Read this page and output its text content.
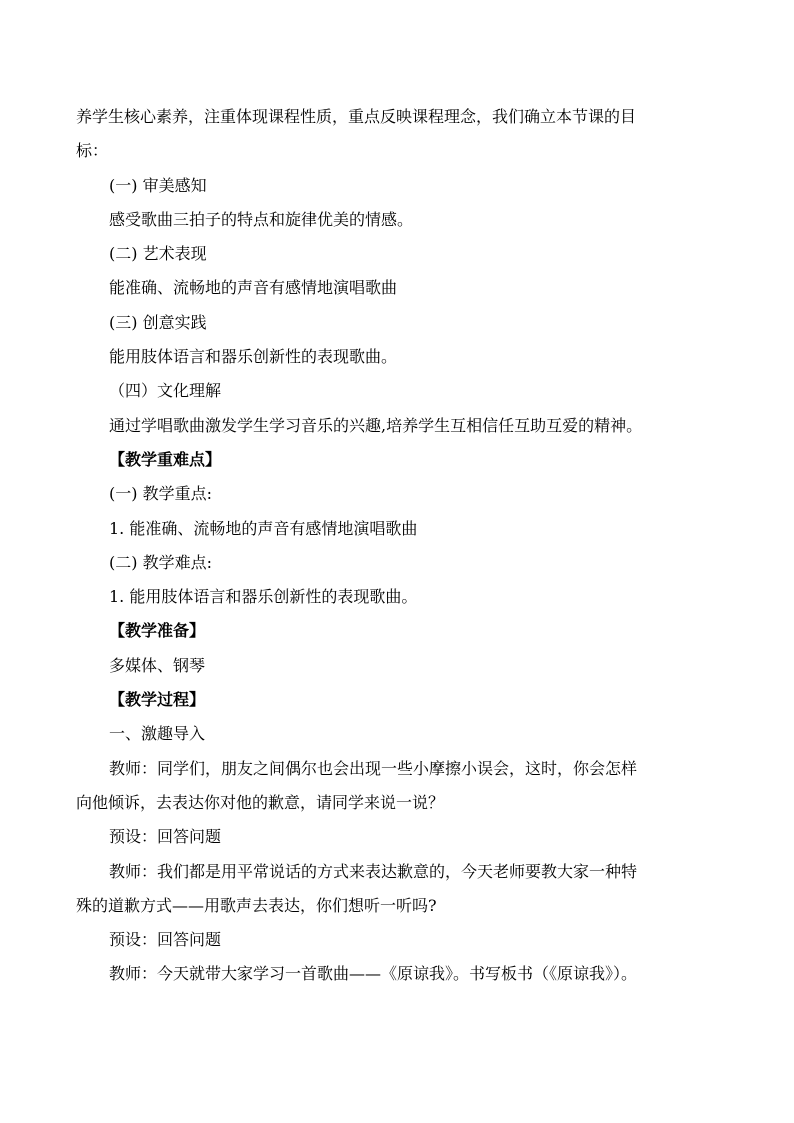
养学生核心素养，注重体现课程性质，重点反映课程理念，我们确立本节课的目
标：
(一) 审美感知
感受歌曲三拍子的特点和旋律优美的情感。
(二) 艺术表现
能准确、流畅地的声音有感情地演唱歌曲
(三) 创意实践
能用肢体语言和器乐创新性的表现歌曲。
（四）文化理解
通过学唱歌曲激发学生学习音乐的兴趣,培养学生互相信任互助互爱的精神。
【教学重难点】
(一) 教学重点:
1. 能准确、流畅地的声音有感情地演唱歌曲
(二) 教学难点:
1. 能用肢体语言和器乐创新性的表现歌曲。
【教学准备】
多媒体、钢琴
【教学过程】
一、激趣导入
教师：同学们，朋友之间偶尔也会出现一些小摩擦小误会，这时，你会怎样
向他倾诉，去表达你对他的歉意，请同学来说一说？
预设：回答问题
教师：我们都是用平常说话的方式来表达歉意的，今天老师要教大家一种特
殊的道歉方式——用歌声去表达，你们想听一听吗?
预设：回答问题
教师：今天就带大家学习一首歌曲——《原谅我》。书写板书（《原谅我》）。
